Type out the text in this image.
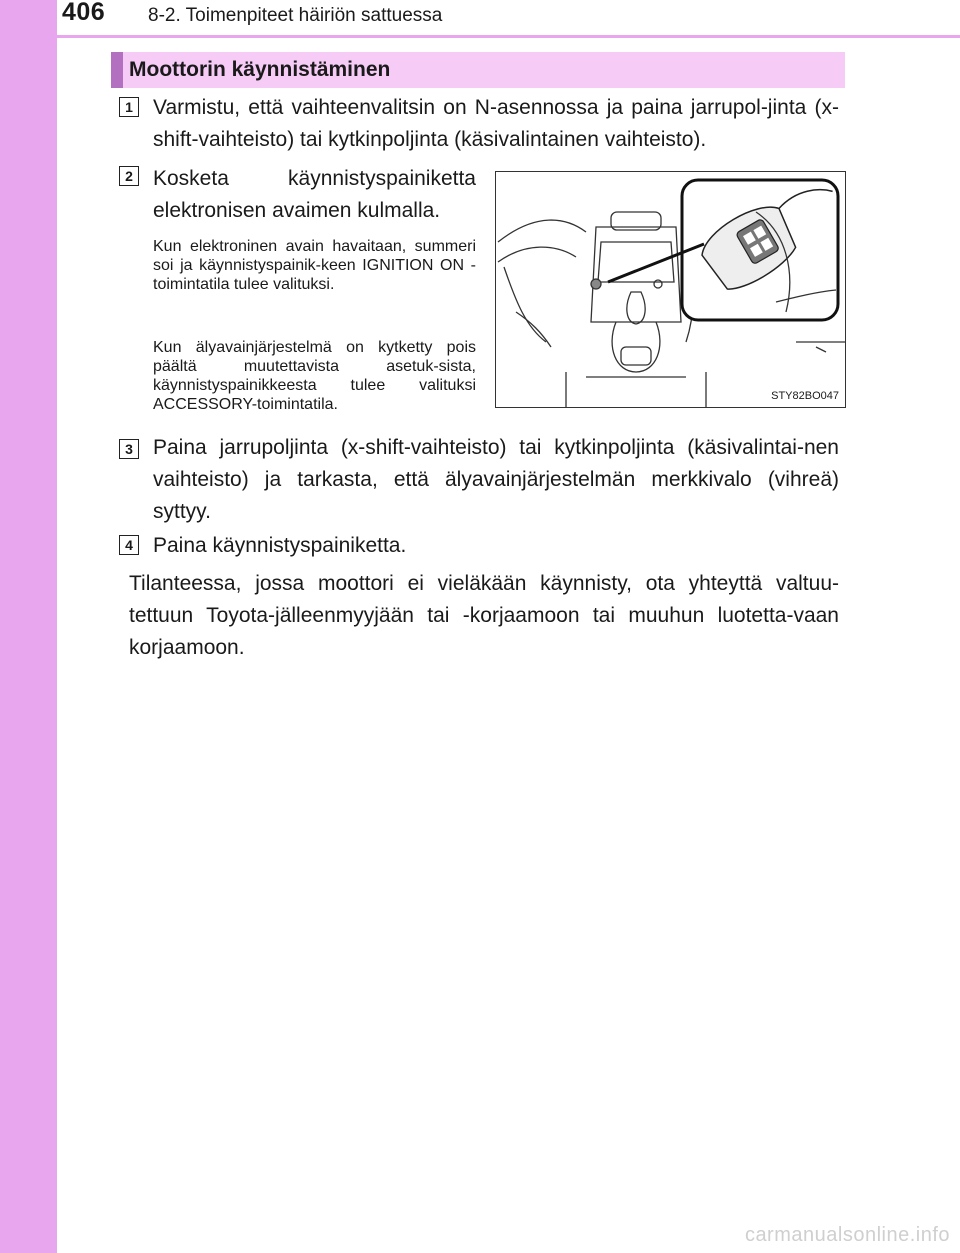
406 8-2. Toimenpiteet häiriön sattuessa
Moottorin käynnistäminen
1 Varmistu, että vaihteenvalitsin on N-asennossa ja paina jarrupol-jinta (x-shift-vaihteisto) tai kytkinpoljinta (käsivalintainen vaihteisto).
2 Kosketa käynnistyspainiketta elektronisen avaimen kulmalla.
Kun elektroninen avain havaitaan, summeri soi ja käynnistyspainik-keen IGNITION ON -toimintatila tulee valituksi.
Kun älyavainjärjestelmä on kytketty pois päältä muutettavista asetuk-sista, käynnistyspainikkeesta tulee valituksi ACCESSORY-toimintatila.	STY82BO047
3 Paina jarrupoljinta (x-shift-vaihteisto) tai kytkinpoljinta (käsivalintai-nen vaihteisto) ja tarkasta, että älyavainjärjestelmän merkkivalo (vihreä) syttyy.
4 Paina käynnistyspainiketta.
Tilanteessa, jossa moottori ei vieläkään käynnisty, ota yhteyttä valtuu-tettuun Toyota-jälleenmyyjään tai -korjaamoon tai muuhun luotetta-vaan korjaamoon.
carmanualsonline.info
